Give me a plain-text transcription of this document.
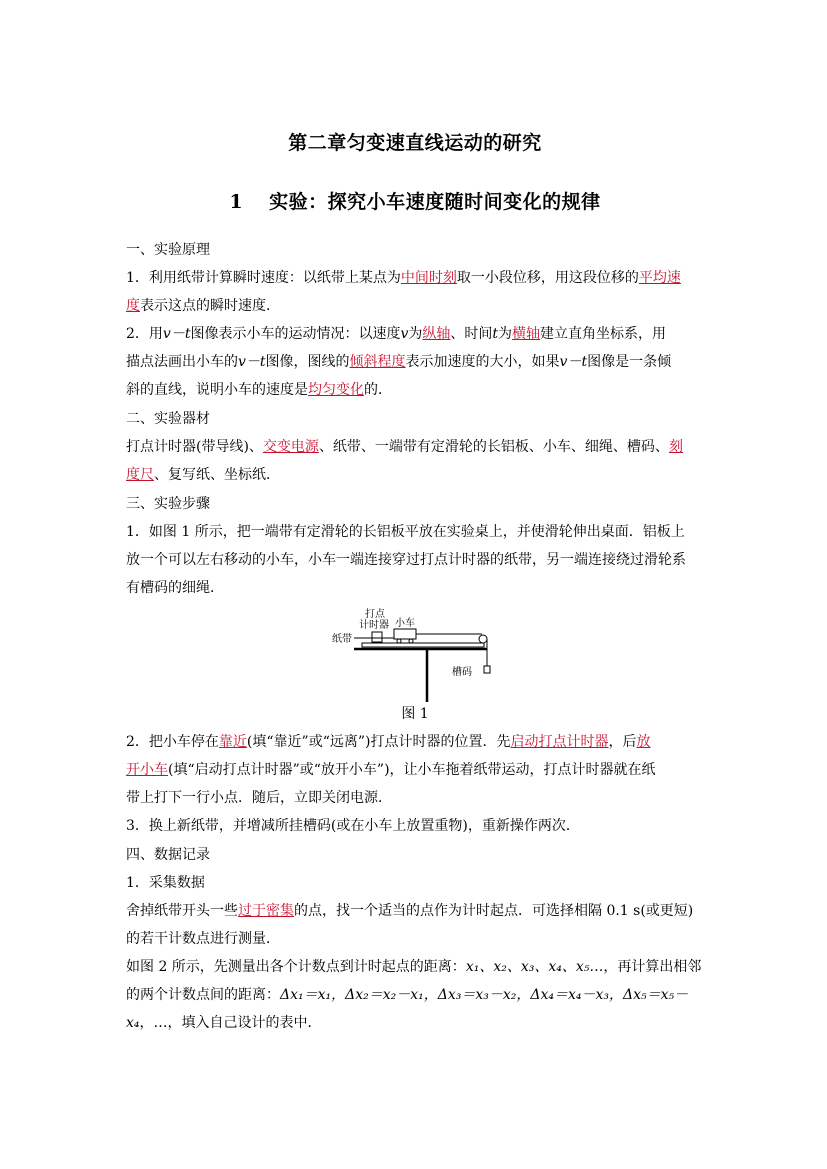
第二章匀变速直线运动的研究
1 实验：探究小车速度随时间变化的规律
一、实验原理
1．利用纸带计算瞬时速度：以纸带上某点为中间时刻取一小段位移，用这段位移的平均速
度表示这点的瞬时速度．
2．用v－t图像表示小车的运动情况：以速度v为纵轴、时间t为横轴建立直角坐标系，用
描点法画出小车的v－t图像，图线的倾斜程度表示加速度的大小，如果v－t图像是一条倾
斜的直线，说明小车的速度是均匀变化的．
二、实验器材
打点计时器(带导线)、交变电源、纸带、一端带有定滑轮的长铝板、小车、细绳、槽码、刻
度尺、复写纸、坐标纸．
三、实验步骤
1．如图 1 所示，把一端带有定滑轮的长铝板平放在实验桌上，并使滑轮伸出桌面．铝板上
放一个可以左右移动的小车，小车一端连接穿过打点计时器的纸带，另一端连接绕过滑轮系
有槽码的细绳．
打点
计时器 小车
纸带
槽码
图 1
2．把小车停在靠近(填“靠近”或“远离”)打点计时器的位置．先启动打点计时器，后放
开小车(填“启动打点计时器”或“放开小车”)，让小车拖着纸带运动，打点计时器就在纸
带上打下一行小点．随后，立即关闭电源．
3．换上新纸带，并增减所挂槽码(或在小车上放置重物)，重新操作两次．
四、数据记录
1．采集数据
舍掉纸带开头一些过于密集的点，找一个适当的点作为计时起点．可选择相隔 0.1 s(或更短)
的若干计数点进行测量．
如图 2 所示，先测量出各个计数点到计时起点的距离：x₁、x₂、x₃、x₄、x₅…，再计算出相邻
的两个计数点间的距离：Δx₁＝x₁，Δx₂＝x₂－x₁，Δx₃＝x₃－x₂，Δx₄＝x₄－x₃，Δx₅＝x₅－
x₄，…，填入自己设计的表中．
